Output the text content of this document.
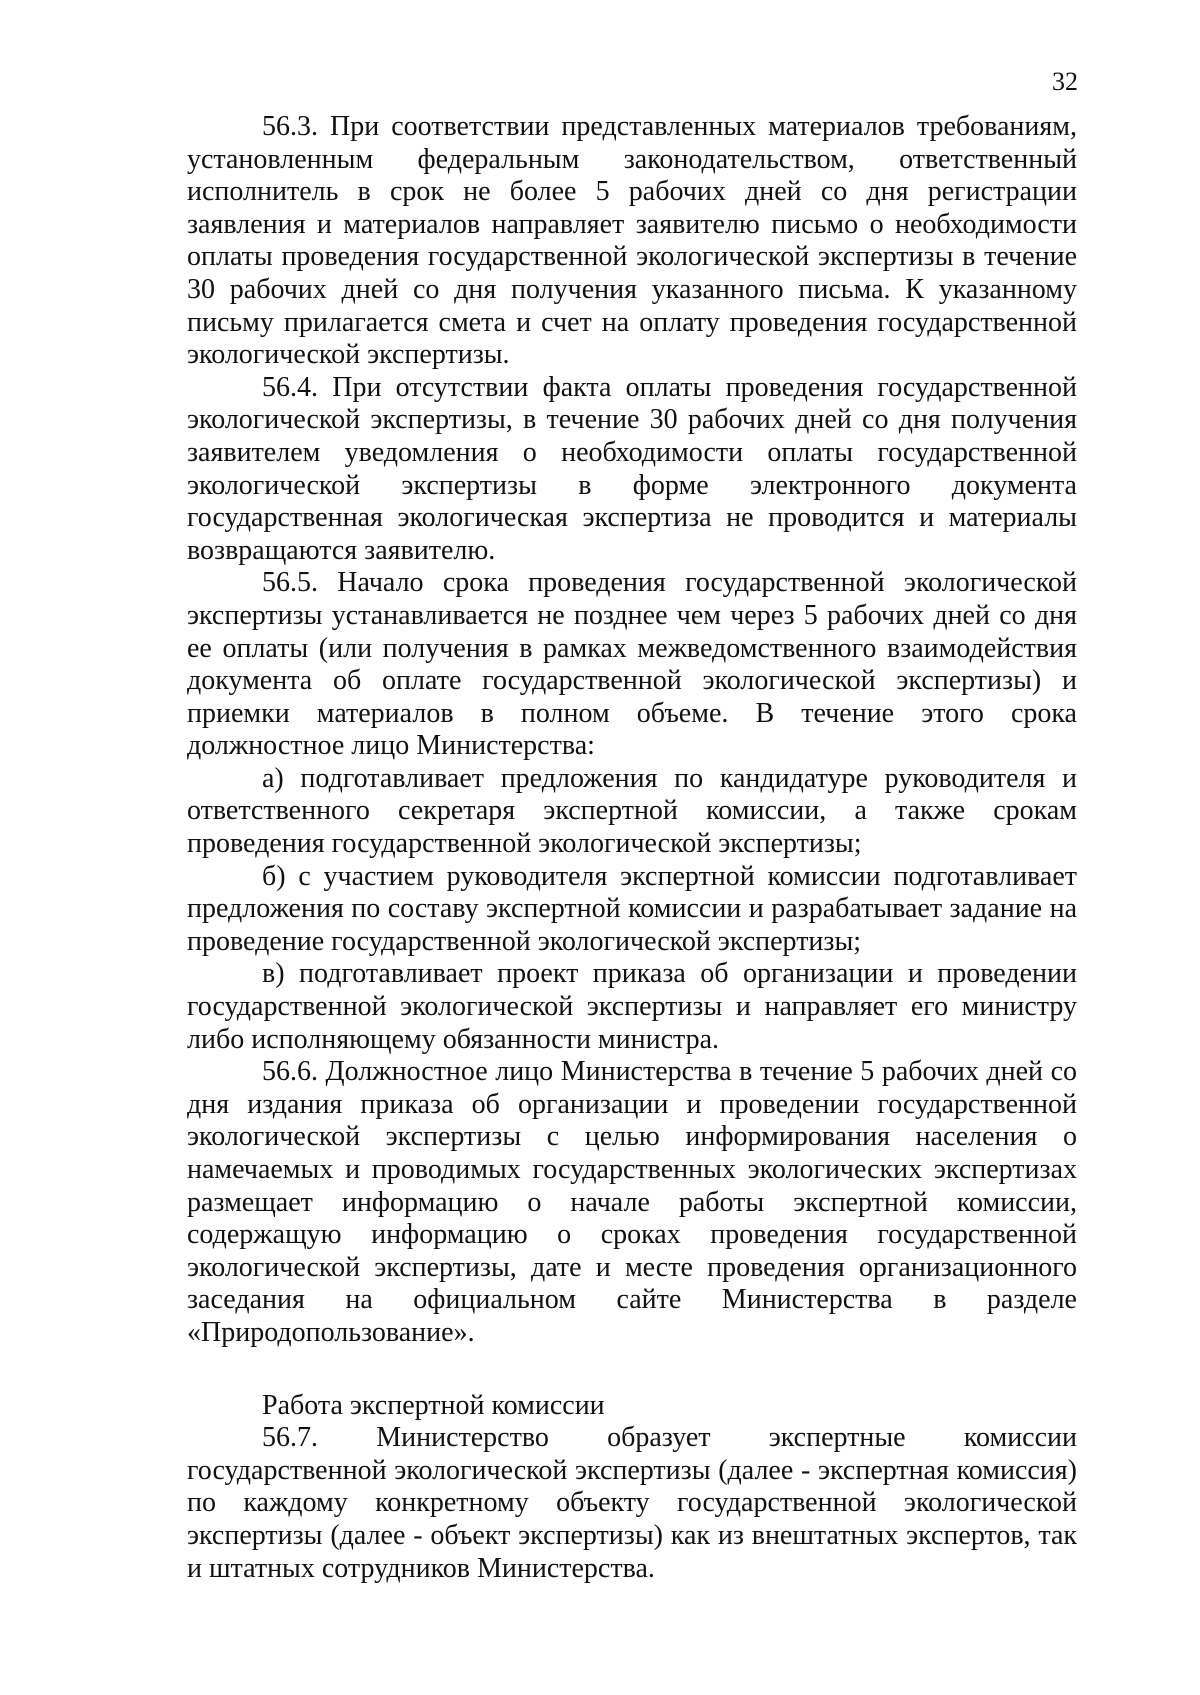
32

56.3. При соответствии представленных материалов требованиям, установленным федеральным законодательством, ответственный исполнитель в срок не более 5 рабочих дней со дня регистрации заявления и материалов направляет заявителю письмо о необходимости оплаты проведения государственной экологической экспертизы в течение 30 рабочих дней со дня получения указанного письма. К указанному письму прилагается смета и счет на оплату проведения государственной экологической экспертизы.

56.4. При отсутствии факта оплаты проведения государственной экологической экспертизы, в течение 30 рабочих дней со дня получения заявителем уведомления о необходимости оплаты государственной экологической экспертизы в форме электронного документа государственная экологическая экспертиза не проводится и материалы возвращаются заявителю.

56.5. Начало срока проведения государственной экологической экспертизы устанавливается не позднее чем через 5 рабочих дней со дня ее оплаты (или получения в рамках межведомственного взаимодействия документа об оплате государственной экологической экспертизы) и приемки материалов в полном объеме. В течение этого срока должностное лицо Министерства:

а) подготавливает предложения по кандидатуре руководителя и ответственного секретаря экспертной комиссии, а также срокам проведения государственной экологической экспертизы;

б) с участием руководителя экспертной комиссии подготавливает предложения по составу экспертной комиссии и разрабатывает задание на проведение государственной экологической экспертизы;

в) подготавливает проект приказа об организации и проведении государственной экологической экспертизы и направляет его министру либо исполняющему обязанности министра.

56.6. Должностное лицо Министерства в течение 5 рабочих дней со дня издания приказа об организации и проведении государственной экологической экспертизы с целью информирования населения о намечаемых и проводимых государственных экологических экспертизах размещает информацию о начале работы экспертной комиссии, содержащую информацию о сроках проведения государственной экологической экспертизы, дате и месте проведения организационного заседания на официальном сайте Министерства в разделе «Природопользование».

Работа экспертной комиссии

56.7. Министерство образует экспертные комиссии государственной экологической экспертизы (далее - экспертная комиссия) по каждому конкретному объекту государственной экологической экспертизы (далее - объект экспертизы) как из внештатных экспертов, так и штатных сотрудников Министерства.
